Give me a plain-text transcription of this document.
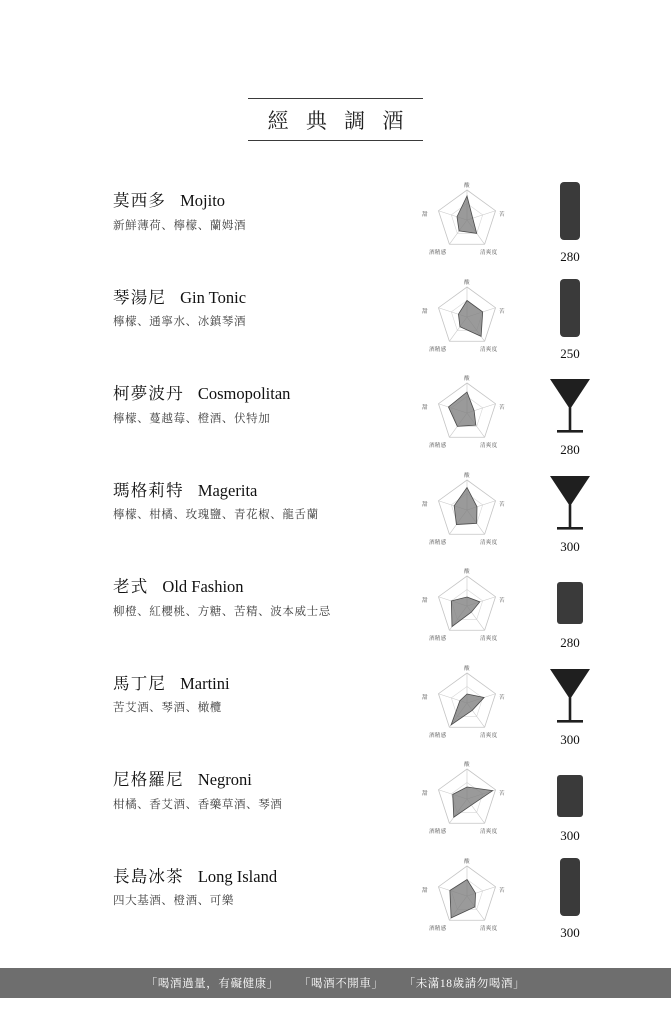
經 典 調 酒
莫西多 Mojito
新鮮薄荷、檸檬、蘭姆酒
酸
甜	苦
酒精感	清爽度	280
琴湯尼 Gin Tonic
檸檬、通寧水、冰鎮琴酒
酸
甜	苦
酒精感	清爽度	250
柯夢波丹 Cosmopolitan
檸檬、蔓越莓、橙酒、伏特加
酸
甜	苦
酒精感	清爽度	280
瑪格莉特 Magerita
檸檬、柑橘、玫瑰鹽、青花椒、龍舌蘭
酸
甜	苦
酒精感	清爽度	300
老式 Old Fashion
柳橙、紅櫻桃、方糖、苦精、波本威士忌
酸
甜	苦
酒精感	清爽度	280
馬丁尼 Martini
苦艾酒、琴酒、橄欖
酸
甜	苦
酒精感	清爽度	300
尼格羅尼 Negroni
柑橘、香艾酒、香藥草酒、琴酒
酸
甜	苦
酒精感	清爽度	300
長島冰茶 Long Island
四大基酒、橙酒、可樂
酸
甜	苦
酒精感	清爽度	300
「喝酒過量，有礙健康」 「喝酒不開車」 「未滿18歲請勿喝酒」
